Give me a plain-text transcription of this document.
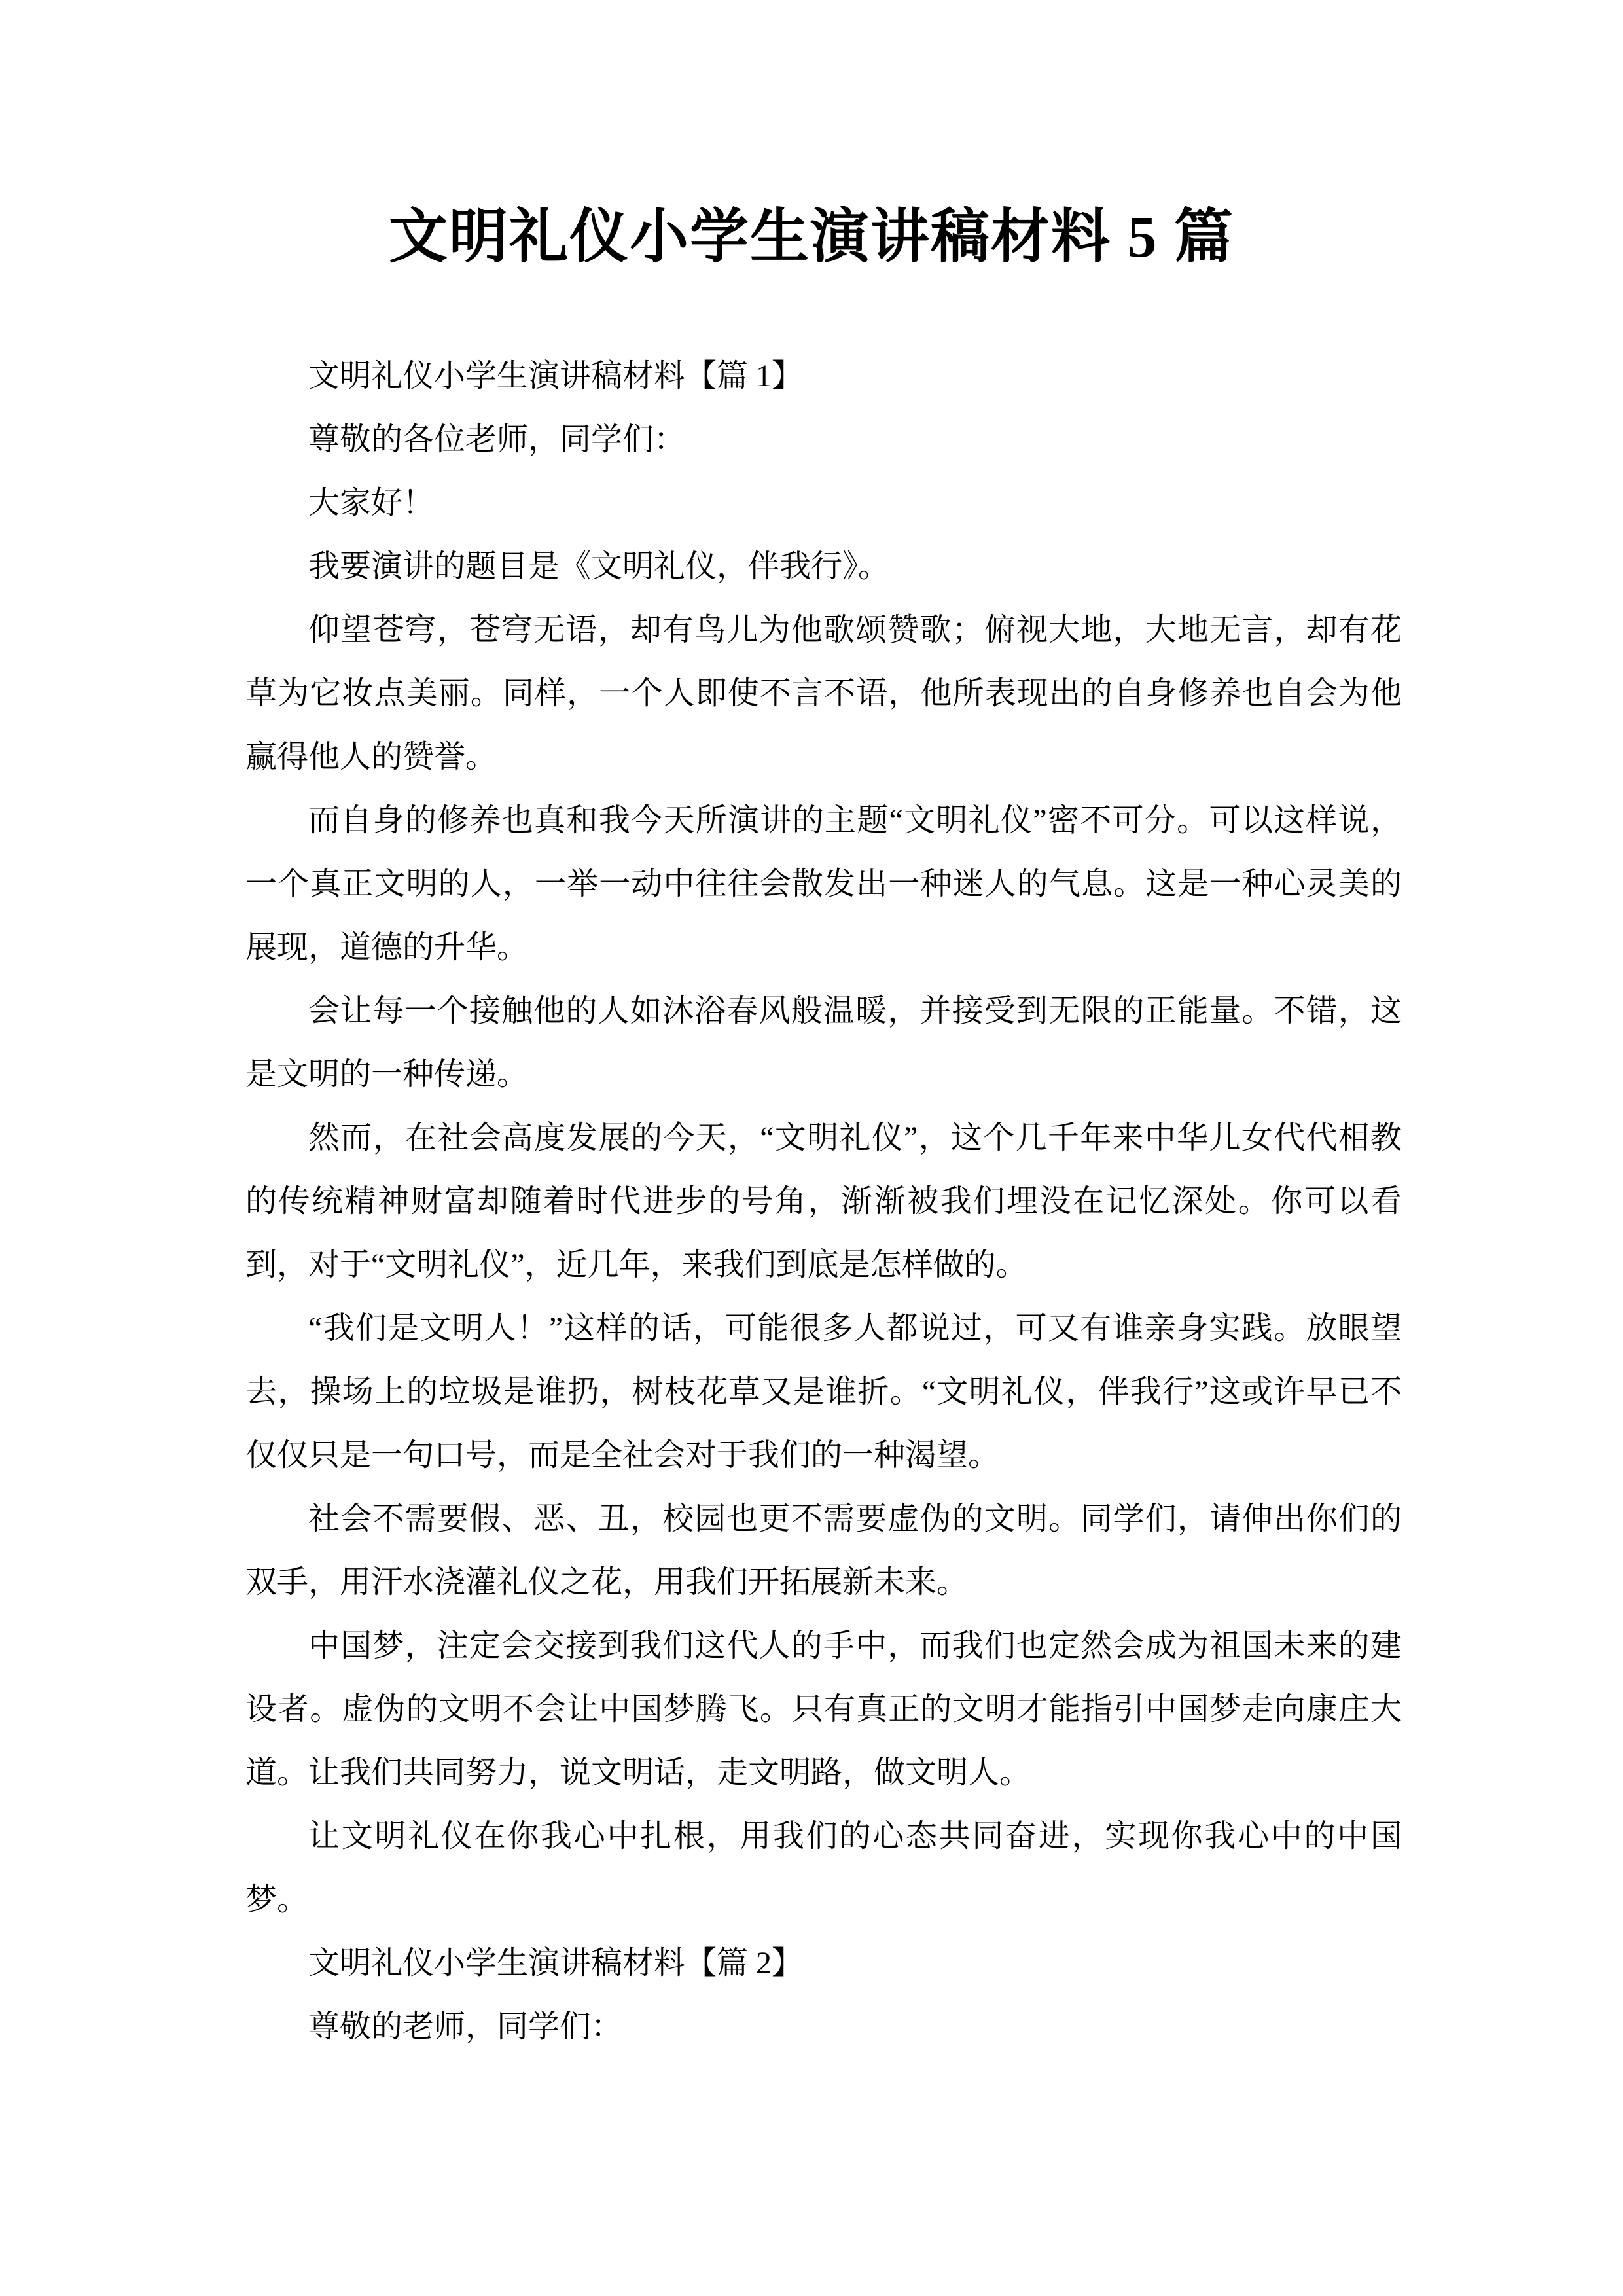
文明礼仪小学生演讲稿材料 5 篇

文明礼仪小学生演讲稿材料【篇 1】

尊敬的各位老师，同学们：

大家好！

我要演讲的题目是《文明礼仪，伴我行》。

仰望苍穹，苍穹无语，却有鸟儿为他歌颂赞歌；俯视大地，大地无言，却有花草为它妆点美丽。同样，一个人即使不言不语，他所表现出的自身修养也自会为他赢得他人的赞誉。

而自身的修养也真和我今天所演讲的主题“文明礼仪”密不可分。可以这样说，一个真正文明的人，一举一动中往往会散发出一种迷人的气息。这是一种心灵美的展现，道德的升华。

会让每一个接触他的人如沐浴春风般温暖，并接受到无限的正能量。不错，这是文明的一种传递。

然而，在社会高度发展的今天，“文明礼仪”，这个几千年来中华儿女代代相教的传统精神财富却随着时代进步的号角，渐渐被我们埋没在记忆深处。你可以看到，对于“文明礼仪”，近几年，来我们到底是怎样做的。

“我们是文明人！”这样的话，可能很多人都说过，可又有谁亲身实践。放眼望去，操场上的垃圾是谁扔，树枝花草又是谁折。“文明礼仪，伴我行”这或许早已不仅仅只是一句口号，而是全社会对于我们的一种渴望。

社会不需要假、恶、丑，校园也更不需要虚伪的文明。同学们，请伸出你们的双手，用汗水浇灌礼仪之花，用我们开拓展新未来。

中国梦，注定会交接到我们这代人的手中，而我们也定然会成为祖国未来的建设者。虚伪的文明不会让中国梦腾飞。只有真正的文明才能指引中国梦走向康庄大道。让我们共同努力，说文明话，走文明路，做文明人。

让文明礼仪在你我心中扎根，用我们的心态共同奋进，实现你我心中的中国梦。

文明礼仪小学生演讲稿材料【篇 2】

尊敬的老师，同学们：
